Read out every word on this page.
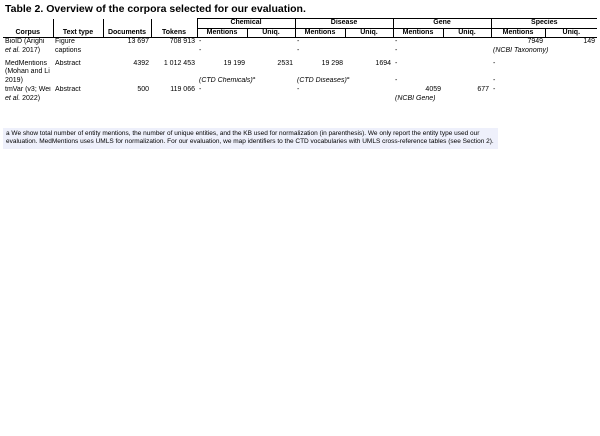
Table 2. Overview of the corpora selected for our evaluation.
Corpus	Text type	Documents	Tokens	Chemical		Disease		Gene		Species	
				Mentions	Uniq.	Mentions	Uniq.	Mentions	Uniq.	Mentions	Uniq.
BioID (Arighi et al. 2017)	Figure captions	13 697	708 913	-		-		-		7949	149
				-		-		-		(NCBI Taxonomy)	

MedMentions (Mohan and Li 2019)	Abstract	4392	1 012 453	19 199	2531	19 298	1694	-		-	

				(CTD Chemicals)$^a$		(CTD Diseases)$^a$		-		-	
tmVar (v3; Wei et al. 2022)	Abstract	500	119 066	-		-		4059	677	-	
								(NCBI Gene)			
a We show total number of entity mentions, the number of unique entities, and the KB used for normalization (in parenthesis). We only report the entity type used our evaluation. MedMentions uses UMLS for normalization. For our evaluation, we map identifiers to the CTD vocabularies with UMLS cross-reference tables (see Section 2).
